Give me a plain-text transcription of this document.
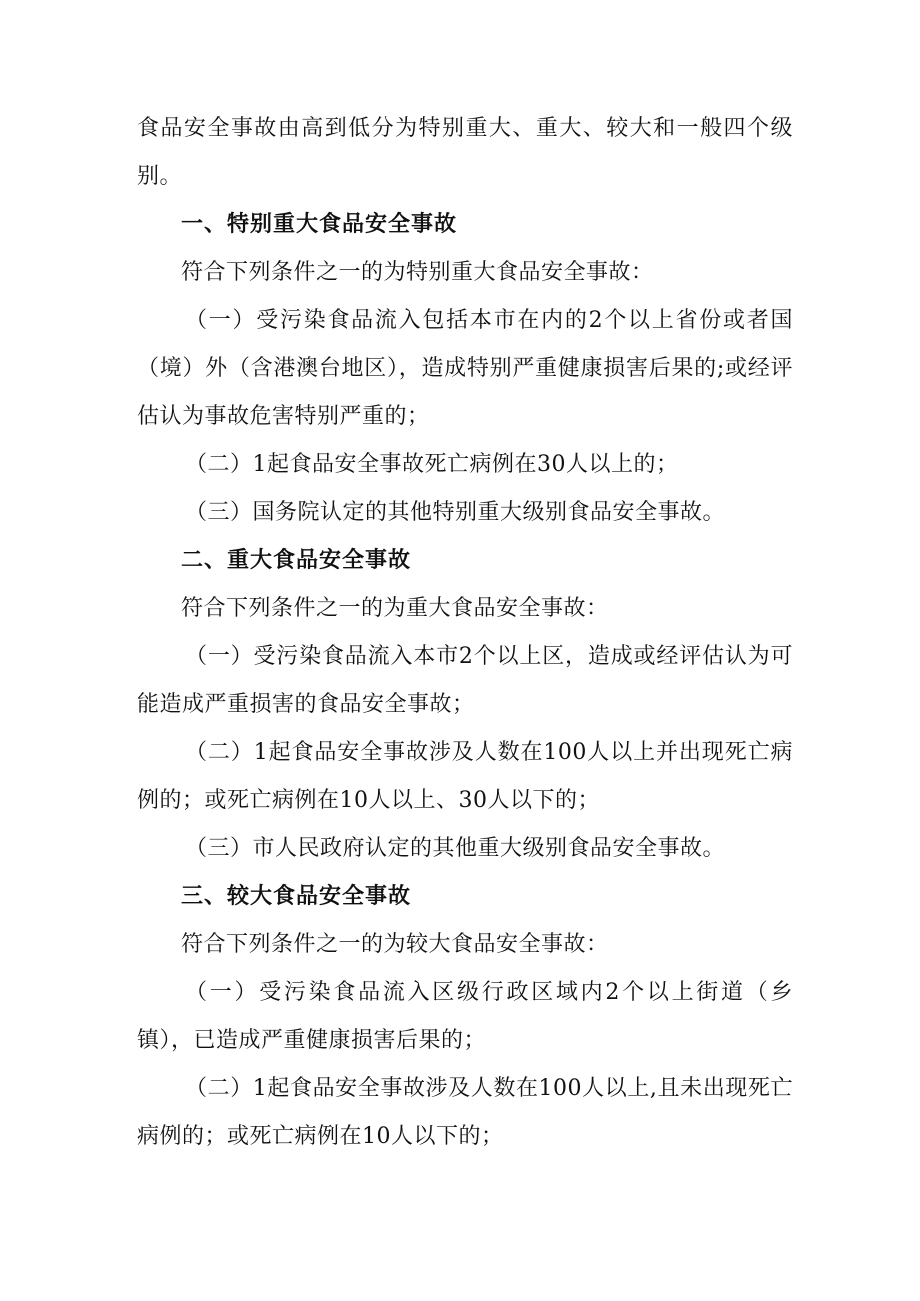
食品安全事故由高到低分为特别重大、重大、较大和一般四个级别。

一、特别重大食品安全事故

符合下列条件之一的为特别重大食品安全事故：

（一）受污染食品流入包括本市在内的2个以上省份或者国（境）外（含港澳台地区），造成特别严重健康损害后果的;或经评估认为事故危害特别严重的；

（二）1起食品安全事故死亡病例在30人以上的；

（三）国务院认定的其他特别重大级别食品安全事故。

二、重大食品安全事故

符合下列条件之一的为重大食品安全事故：

（一）受污染食品流入本市2个以上区，造成或经评估认为可能造成严重损害的食品安全事故；

（二）1起食品安全事故涉及人数在100人以上并出现死亡病例的；或死亡病例在10人以上、30人以下的；

（三）市人民政府认定的其他重大级别食品安全事故。

三、较大食品安全事故

符合下列条件之一的为较大食品安全事故：

（一）受污染食品流入区级行政区域内2个以上街道（乡镇），已造成严重健康损害后果的；

（二）1起食品安全事故涉及人数在100人以上,且未出现死亡病例的；或死亡病例在10人以下的；
